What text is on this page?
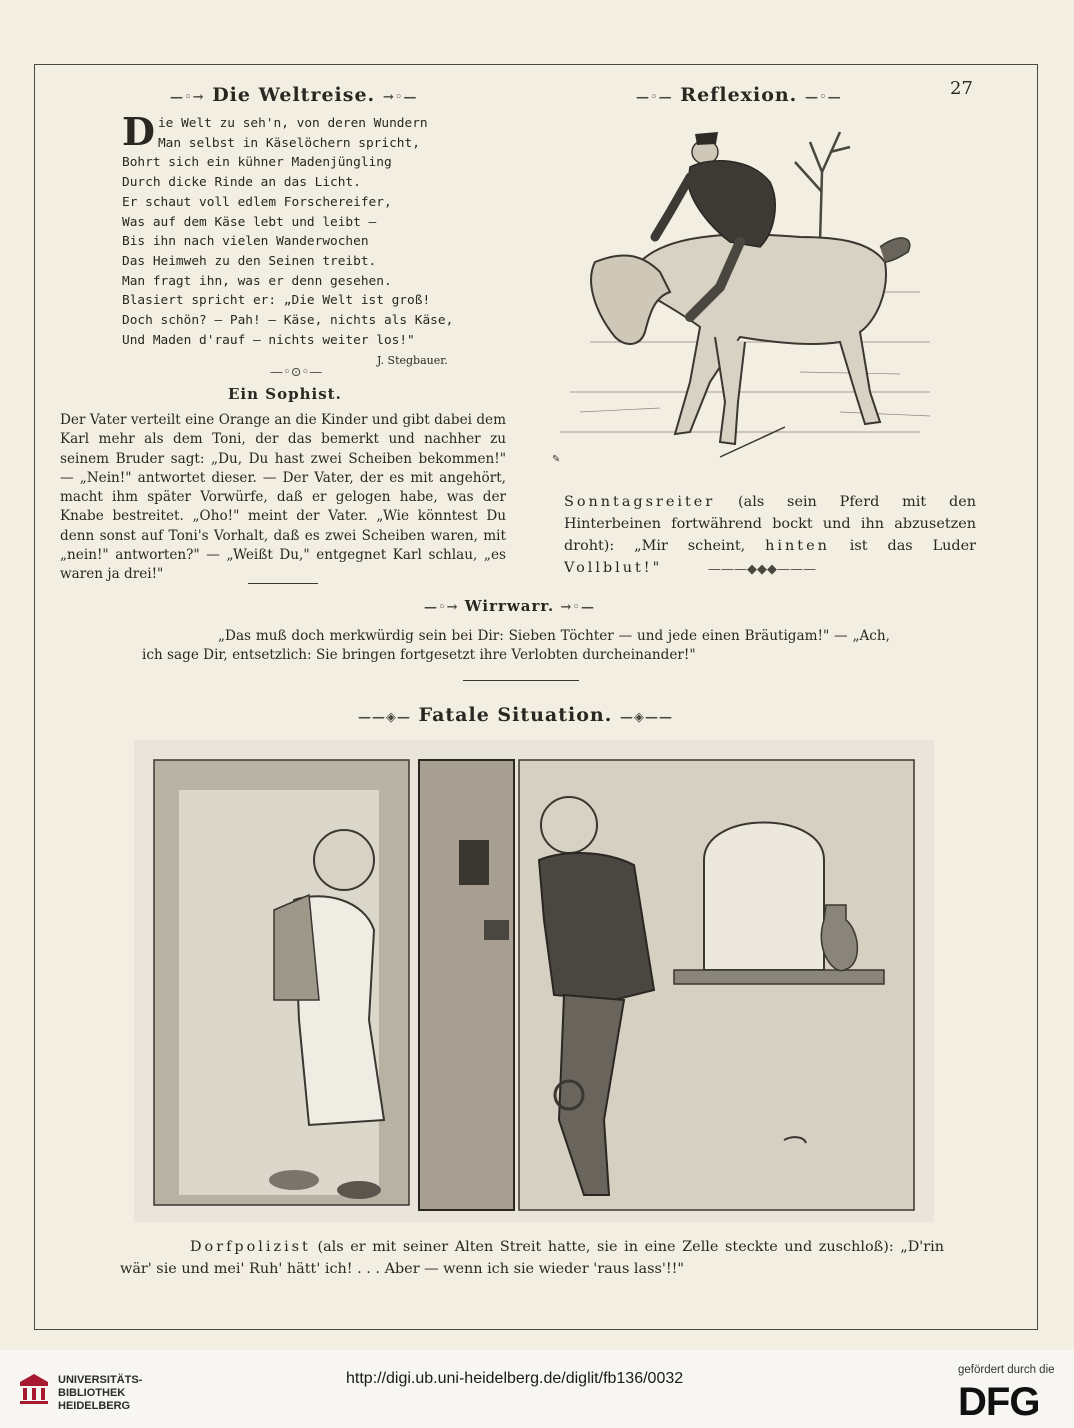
—◦→ Die Weltreise. →◦—
D ie Welt zu seh'n, von deren Wundern
Man selbst in Käselöchern spricht,
Bohrt sich ein kühner Madenjüngling
Durch dicke Rinde an das Licht.
Er schaut voll edlem Forschereifer,
Was auf dem Käse lebt und leibt —
Bis ihn nach vielen Wanderwochen
Das Heimweh zu den Seinen treibt.
Man fragt ihn, was er denn gesehen.
Blasiert spricht er: „Die Welt ist groß!
Doch schön? — Pah! — Käse, nichts als Käse,
Und Maden d'rauf — nichts weiter los!"
—◦⊙◦—
J. Stegbauer.
Ein Sophist.
Der Vater verteilt eine Orange an die Kinder und gibt dabei dem Karl mehr als dem Toni, der das bemerkt und nachher zu seinem Bruder sagt: „Du, Du hast zwei Scheiben bekommen!" — „Nein!" antwortet dieser. — Der Vater, der es mit angehört, macht ihm später Vorwürfe, daß er gelogen habe, was der Knabe bestreitet. „Oho!" meint der Vater. „Wie könntest Du denn sonst auf Toni's Vorhalt, daß es zwei Scheiben waren, mit „nein!" antworten?" — „Weißt Du," entgegnet Karl schlau, „es waren ja drei!"
—◦— Reflexion. —◦—	27
✎
Sonntagsreiter (als sein Pferd mit den Hinterbeinen fortwährend bockt und ihn abzusetzen droht): „Mir scheint, hinten ist das Luder Vollblut!"	———◆◆◆———
—◦→ Wirrwarr. →◦—
„Das muß doch merkwürdig sein bei Dir: Sieben Töchter — und jede einen Bräutigam!" — „Ach, ich sage Dir, entsetzlich: Sie bringen fortgesetzt ihre Verlobten durcheinander!"
——◈— Fatale Situation. —◈——
Dorfpolizist (als er mit seiner Alten Streit hatte, sie in eine Zelle steckte und zuschloß): „D'rin wär' sie und mei' Ruh' hätt' ich! . . . Aber — wenn ich sie wieder 'raus lass'!!"
UNIVERSITÄTS-
BIBLIOTHEK
HEIDELBERG
http://digi.ub.uni-heidelberg.de/diglit/fb136/0032	gefördert durch die
DFG
